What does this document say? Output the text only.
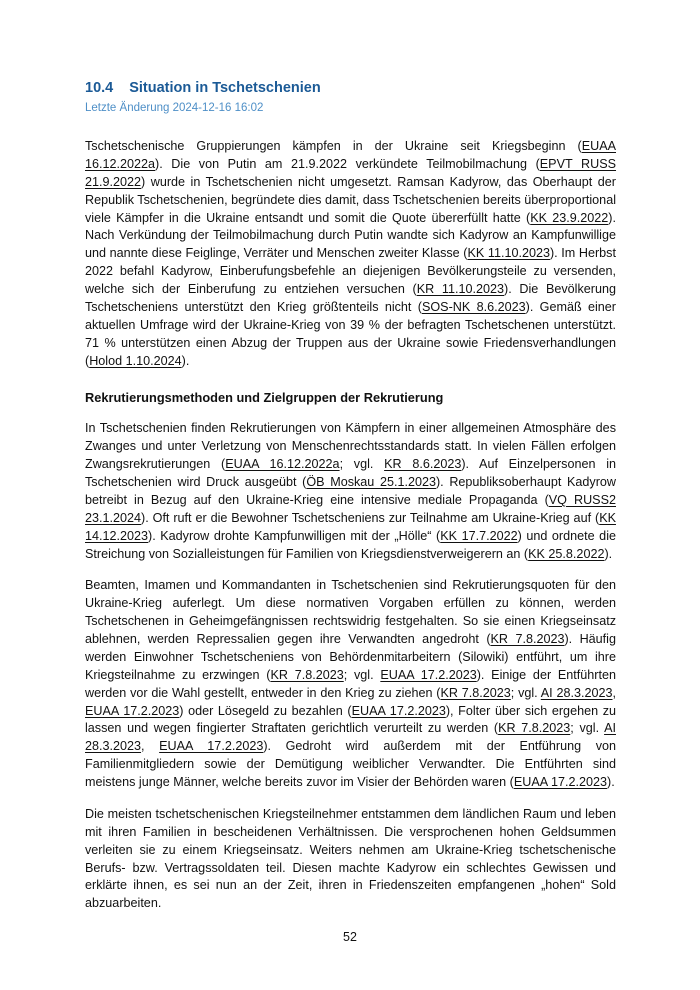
10.4 Situation in Tschetschenien
Letzte Änderung 2024-12-16 16:02

Tschetschenische Gruppierungen kämpfen in der Ukraine seit Kriegsbeginn (EUAA 16.12.2022a). Die von Putin am 21.9.2022 verkündete Teilmobilmachung (EPVT RUSS 21.9.2022) wurde in Tschetschenien nicht umgesetzt. Ramsan Kadyrow, das Oberhaupt der Republik Tschetschenien, begründete dies damit, dass Tschetschenien bereits überproportional viele Kämpfer in die Ukraine entsandt und somit die Quote übererfüllt hatte (KK 23.9.2022). Nach Verkündung der Teilmobilmachung durch Putin wandte sich Kadyrow an Kampfunwillige und nannte diese Feiglinge, Verräter und Menschen zweiter Klasse (KK 11.10.2023). Im Herbst 2022 befahl Kadyrow, Einberufungsbefehle an diejenigen Bevölkerungsteile zu versenden, welche sich der Einberufung zu entziehen versuchen (KR 11.10.2023). Die Bevölkerung Tschetscheniens unterstützt den Krieg größtenteils nicht (SOS-NK 8.6.2023). Gemäß einer aktuellen Umfrage wird der Ukraine-Krieg von 39 % der befragten Tschetschenen unterstützt. 71 % unterstützen einen Abzug der Truppen aus der Ukraine sowie Friedensverhandlungen (Holod 1.10.2024).

Rekrutierungsmethoden und Zielgruppen der Rekrutierung

In Tschetschenien finden Rekrutierungen von Kämpfern in einer allgemeinen Atmosphäre des Zwanges und unter Verletzung von Menschenrechtsstandards statt. In vielen Fällen erfolgen Zwangsrekrutierungen (EUAA 16.12.2022a; vgl. KR 8.6.2023). Auf Einzelpersonen in Tschetschenien wird Druck ausgeübt (ÖB Moskau 25.1.2023). Republiksoberhaupt Kadyrow betreibt in Bezug auf den Ukraine-Krieg eine intensive mediale Propaganda (VQ RUSS2 23.1.2024). Oft ruft er die Bewohner Tschetscheniens zur Teilnahme am Ukraine-Krieg auf (KK 14.12.2023). Kadyrow drohte Kampfunwilligen mit der „Hölle“ (KK 17.7.2022) und ordnete die Streichung von Sozialleistungen für Familien von Kriegsdienstverweigerern an (KK 25.8.2022).

Beamten, Imamen und Kommandanten in Tschetschenien sind Rekrutierungsquoten für den Ukraine-Krieg auferlegt. Um diese normativen Vorgaben erfüllen zu können, werden Tschetschenen in Geheimgefängnissen rechtswidrig festgehalten. So sie einen Kriegseinsatz ablehnen, werden Repressalien gegen ihre Verwandten angedroht (KR 7.8.2023). Häufig werden Einwohner Tschetscheniens von Behördenmitarbeitern (Silowiki) entführt, um ihre Kriegsteilnahme zu erzwingen (KR 7.8.2023; vgl. EUAA 17.2.2023). Einige der Entführten werden vor die Wahl gestellt, entweder in den Krieg zu ziehen (KR 7.8.2023; vgl. AI 28.3.2023, EUAA 17.2.2023) oder Lösegeld zu bezahlen (EUAA 17.2.2023), Folter über sich ergehen zu lassen und wegen fingierter Straftaten gerichtlich verurteilt zu werden (KR 7.8.2023; vgl. AI 28.3.2023, EUAA 17.2.2023). Gedroht wird außerdem mit der Entführung von Familienmitgliedern sowie der Demütigung weiblicher Verwandter. Die Entführten sind meistens junge Männer, welche bereits zuvor im Visier der Behörden waren (EUAA 17.2.2023).

Die meisten tschetschenischen Kriegsteilnehmer entstammen dem ländlichen Raum und leben mit ihren Familien in bescheidenen Verhältnissen. Die versprochenen hohen Geldsummen verleiten sie zu einem Kriegseinsatz. Weiters nehmen am Ukraine-Krieg tschetschenische Berufs- bzw. Vertragssoldaten teil. Diesen machte Kadyrow ein schlechtes Gewissen und erklärte ihnen, es sei nun an der Zeit, ihren in Friedenszeiten empfangenen „hohen“ Sold abzuarbeiten.

52
